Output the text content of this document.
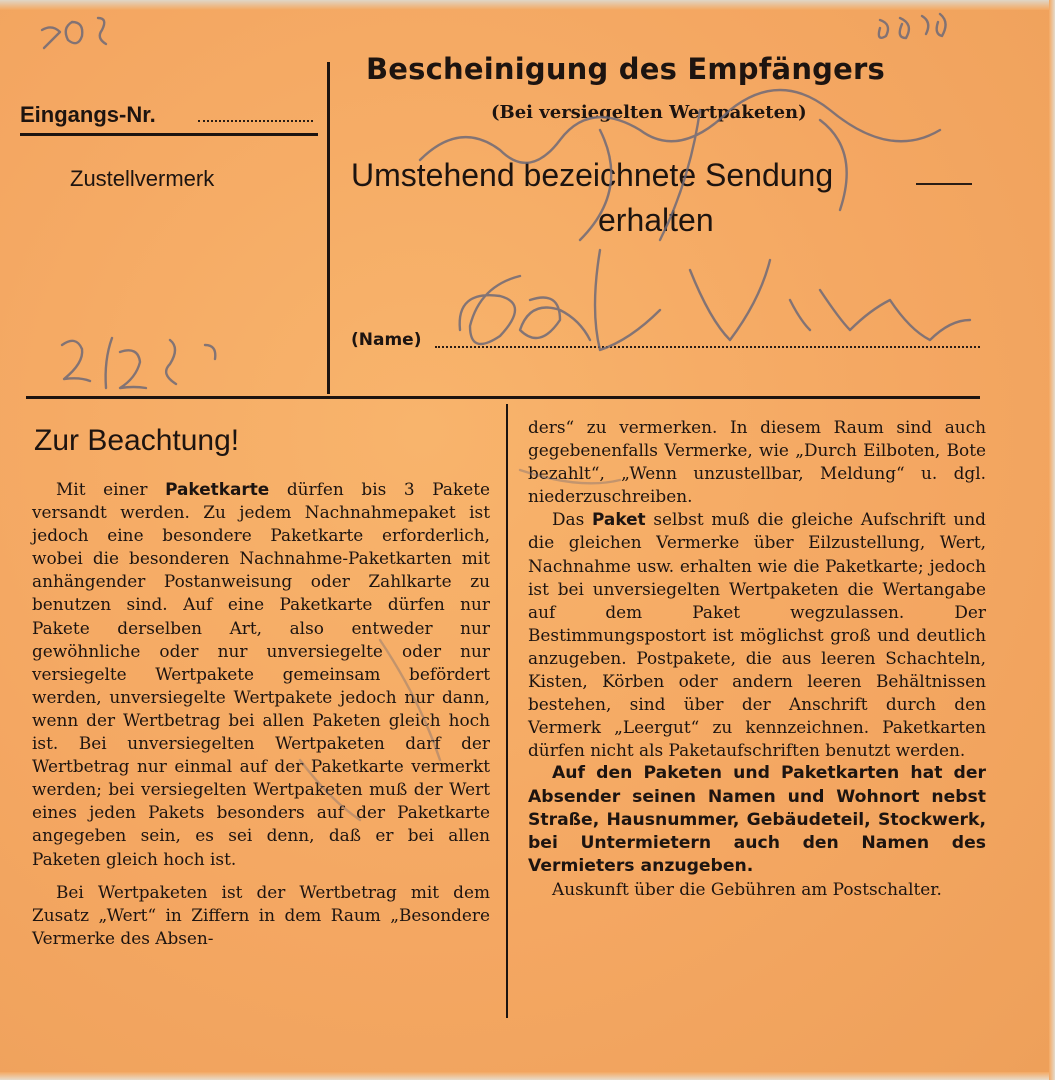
Eingangs-Nr.
Zustellvermerk
Bescheinigung des Empfängers
(Bei versiegelten Wertpaketen)
Umstehend bezeichnete Sendung
erhalten
(Name)
Zur Beachtung!

Mit einer Paketkarte dürfen bis 3 Pakete versandt werden. Zu jedem Nachnahmepaket ist jedoch eine besondere Paketkarte erforderlich, wobei die besonderen Nachnahme-Paketkarten mit anhängender Postanweisung oder Zahlkarte zu benutzen sind. Auf eine Paketkarte dürfen nur Pakete derselben Art, also entweder nur gewöhnliche oder nur unversiegelte oder nur versiegelte Wertpakete gemeinsam befördert werden, unversiegelte Wertpakete jedoch nur dann, wenn der Wertbetrag bei allen Paketen gleich hoch ist. Bei unversiegelten Wertpaketen darf der Wertbetrag nur einmal auf der Paketkarte vermerkt werden; bei versiegelten Wertpaketen muß der Wert eines jeden Pakets besonders auf der Paketkarte angegeben sein, es sei denn, daß er bei allen Paketen gleich hoch ist.

Bei Wertpaketen ist der Wertbetrag mit dem Zusatz „Wert“ in Ziffern in dem Raum „Besondere Vermerke des Absen-

ders“ zu vermerken. In diesem Raum sind auch gegebenenfalls Vermerke, wie „Durch Eilboten, Bote bezahlt“, „Wenn unzustellbar, Meldung“ u. dgl. niederzuschreiben.

Das Paket selbst muß die gleiche Aufschrift und die gleichen Vermerke über Eilzustellung, Wert, Nachnahme usw. erhalten wie die Paketkarte; jedoch ist bei unversiegelten Wertpaketen die Wertangabe auf dem Paket wegzulassen. Der Bestimmungspostort ist möglichst groß und deutlich anzugeben. Postpakete, die aus leeren Schachteln, Kisten, Körben oder andern leeren Behältnissen bestehen, sind über der Anschrift durch den Vermerk „Leergut“ zu kennzeichnen. Paketkarten dürfen nicht als Paketaufschriften benutzt werden.

Auf den Paketen und Paketkarten hat der Absender seinen Namen und Wohnort nebst Straße, Hausnummer, Gebäudeteil, Stockwerk, bei Untermietern auch den Namen des Vermieters anzugeben.

Auskunft über die Gebühren am Postschalter.
